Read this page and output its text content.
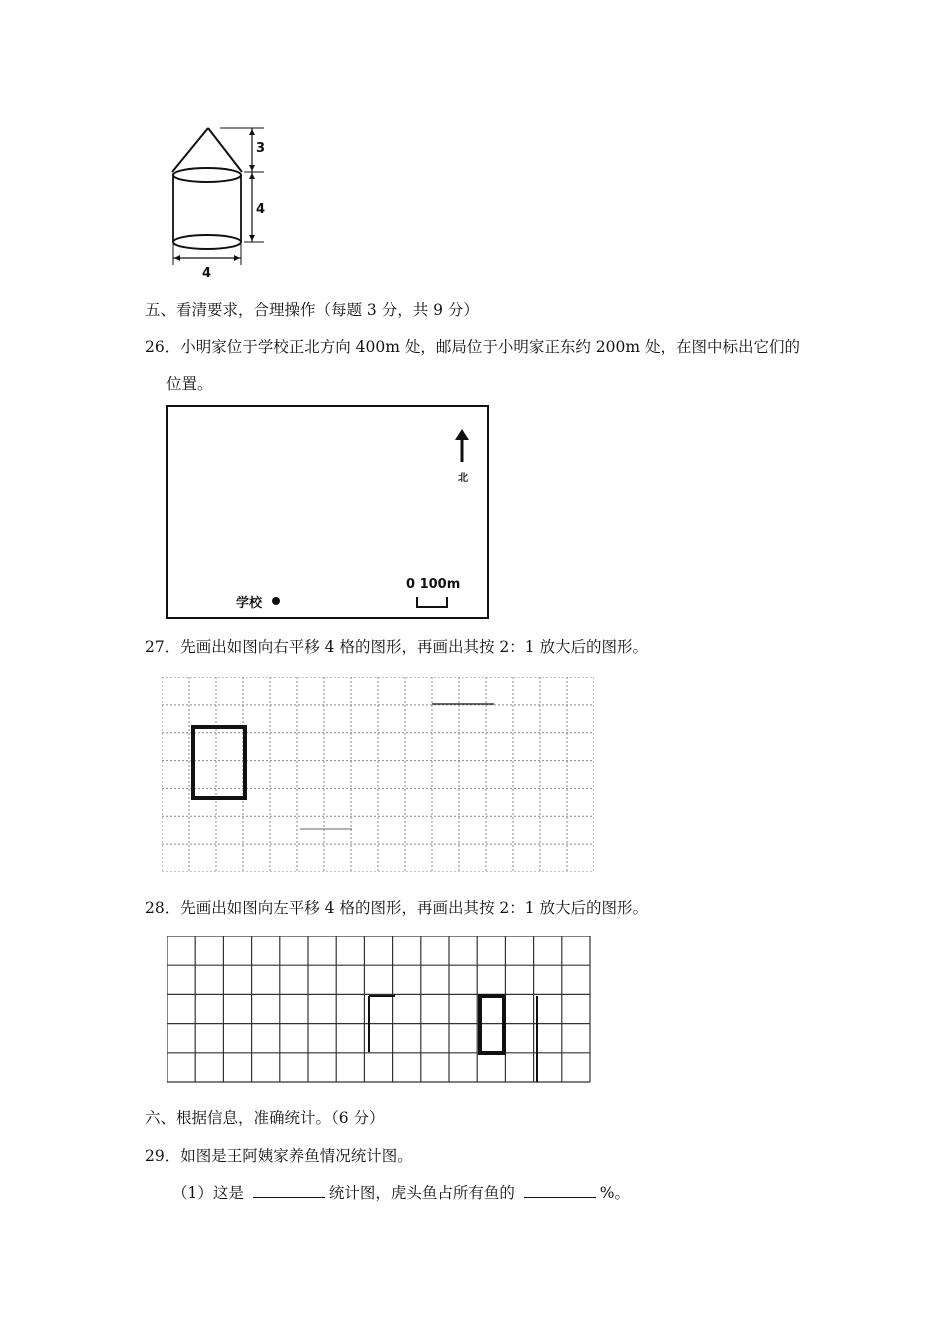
3
4
4
五、看清要求，合理操作（每题 3 分，共 9 分）
26．小明家位于学校正北方向 400m 处，邮局位于小明家正东约 200m 处，在图中标出它们的
位置。
北
学校
0 100m
27．先画出如图向右平移 4 格的图形，再画出其按 2：1 放大后的图形。
28．先画出如图向左平移 4 格的图形，再画出其按 2：1 放大后的图形。
六、根据信息，准确统计。（6 分）
29．如图是王阿姨家养鱼情况统计图。
（1）这是	统计图，虎头鱼占所有鱼的	%。
